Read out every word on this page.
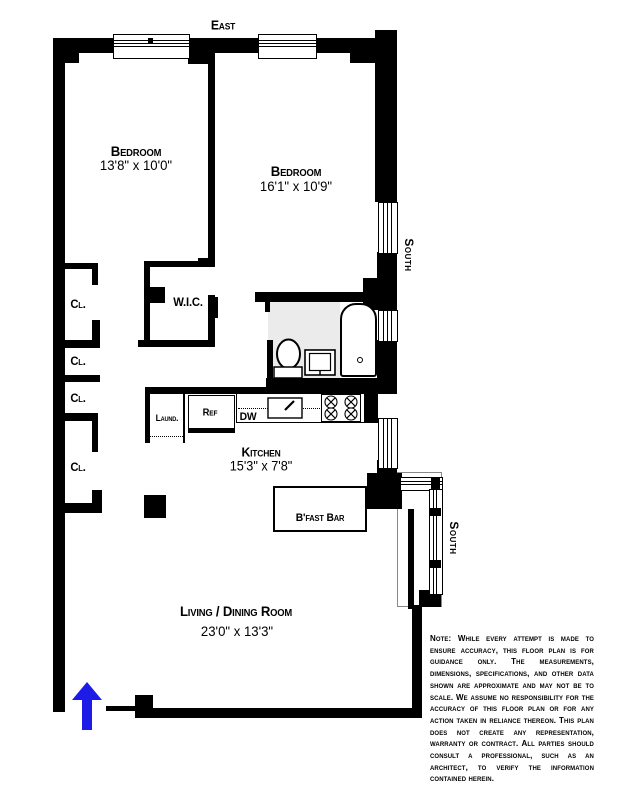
East
South
South
Bedroom
13'8" x 10'0"	Bedroom
16'1" x 10'9"
Cl.
Cl.
Cl.
Cl.
W.I.C.
Laund. Ref DW
Kitchen
15'3" x 7'8"
B'fast Bar
Living / Dining Room
23'0" x 13'3"	Note: While every attempt is made to ensure accuracy, this floor plan is for guidance only. The measurements, dimensions, specifications, and other data shown are approximate and may not be to scale. We assume no responsibility for the accuracy of this floor plan or for any action taken in reliance thereon. This plan does not create any representation, warranty or contract. All parties should consult a professional, such as an architect, to verify the information contained herein.
